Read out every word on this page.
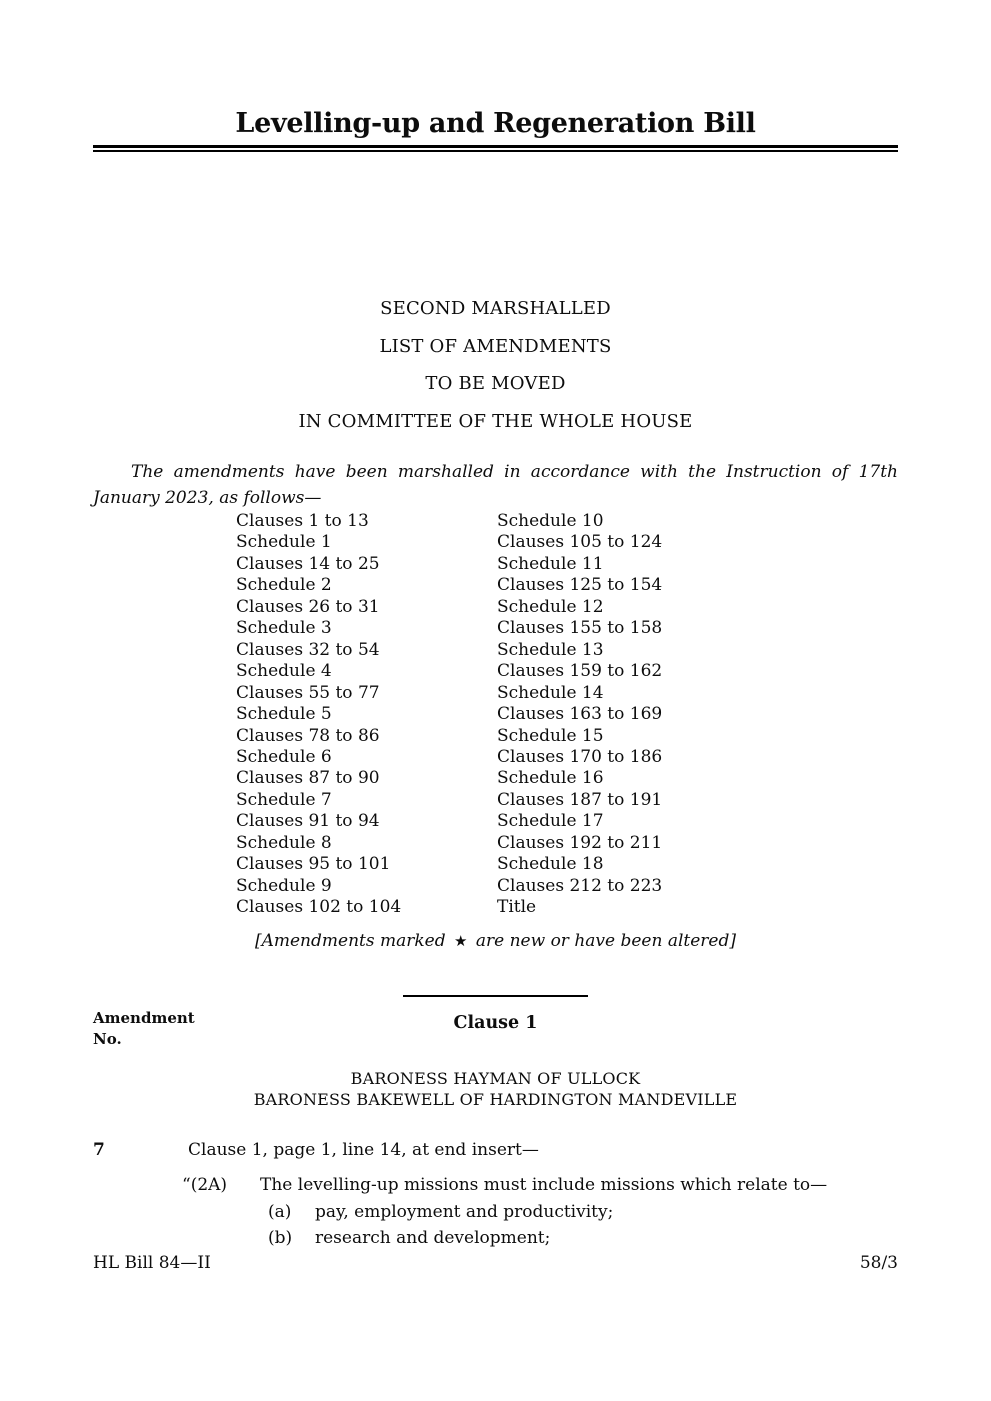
Levelling-up and Regeneration Bill
SECOND MARSHALLED
LIST OF AMENDMENTS
TO BE MOVED
IN COMMITTEE OF THE WHOLE HOUSE

The amendments have been marshalled in accordance with the Instruction of 17th January 2023, as follows—

Clauses 1 to 13
Schedule 1
Clauses 14 to 25
Schedule 2
Clauses 26 to 31
Schedule 3
Clauses 32 to 54
Schedule 4
Clauses 55 to 77
Schedule 5
Clauses 78 to 86
Schedule 6
Clauses 87 to 90
Schedule 7
Clauses 91 to 94
Schedule 8
Clauses 95 to 101
Schedule 9
Clauses 102 to 104
Schedule 10
Clauses 105 to 124
Schedule 11
Clauses 125 to 154
Schedule 12
Clauses 155 to 158
Schedule 13
Clauses 159 to 162
Schedule 14
Clauses 163 to 169
Schedule 15
Clauses 170 to 186
Schedule 16
Clauses 187 to 191
Schedule 17
Clauses 192 to 211
Schedule 18
Clauses 212 to 223
Title

[Amendments marked ★ are new or have been altered]

Amendment
No.
Clause 1
BARONESS HAYMAN OF ULLOCK
BARONESS BAKEWELL OF HARDINGTON MANDEVILLE
7	Clause 1, page 1, line 14, at end insert—
“(2A) The levelling-up missions must include missions which relate to—
(a) pay, employment and productivity;
(b) research and development;
HL Bill 84—II	58/3
